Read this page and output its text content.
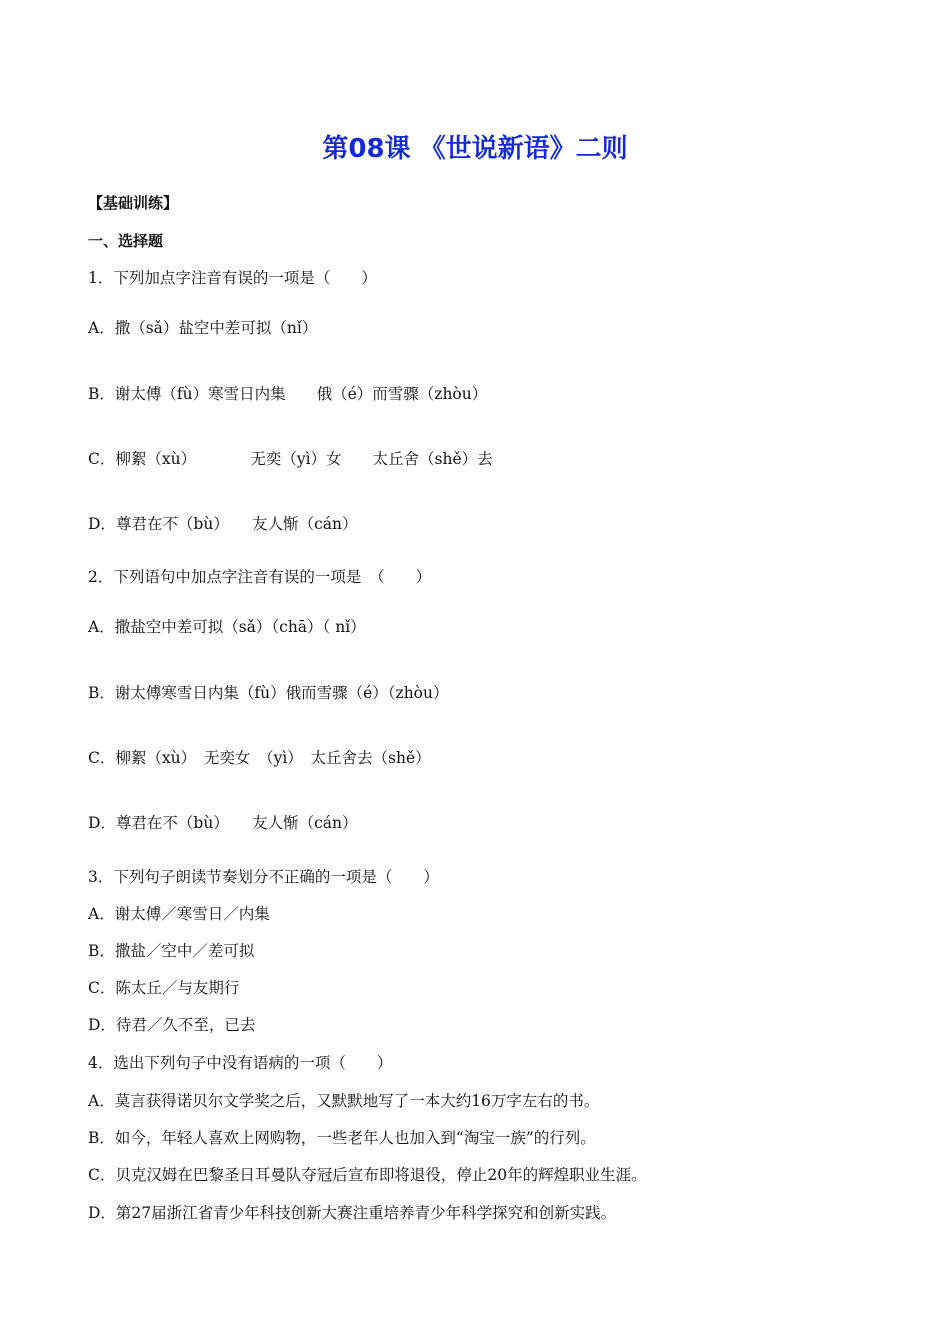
第08课 《世说新语》二则
【基础训练】
一、选择题
1．下列加点字注音有误的一项是（　　）
A．撒（sǎ）盐空中差可拟（nǐ）
B．谢太傅（fù）寒雪日内集　　俄（é）而雪骤（zhòu）
C．柳絮（xù）　　　　无奕（yì）女　　太丘舍（shě）去
D．尊君在不（bù）　　友人惭（cán）
2．下列语句中加点字注音有误的一项是　（　　）
A．撒盐空中差可拟（sǎ）（chā）（ nǐ）
B．谢太傅寒雪日内集（fù）俄而雪骤（é）（zhòu）
C．柳絮（xù）　无奕女　（yì）　太丘舍去（shě）
D．尊君在不（bù）　　友人惭（cán）
3．下列句子朗读节奏划分不正确的一项是（　　）
A．谢太傅／寒雪日／内集
B．撒盐／空中／差可拟
C．陈太丘／与友期行
D．待君／久不至，已去
4．选出下列句子中没有语病的一项（　　）
A．莫言获得诺贝尔文学奖之后，又默默地写了一本大约16万字左右的书。
B．如今，年轻人喜欢上网购物，一些老年人也加入到“淘宝一族”的行列。
C．贝克汉姆在巴黎圣日耳曼队夺冠后宣布即将退役，停止20年的辉煌职业生涯。
D．第27届浙江省青少年科技创新大赛注重培养青少年科学探究和创新实践。
